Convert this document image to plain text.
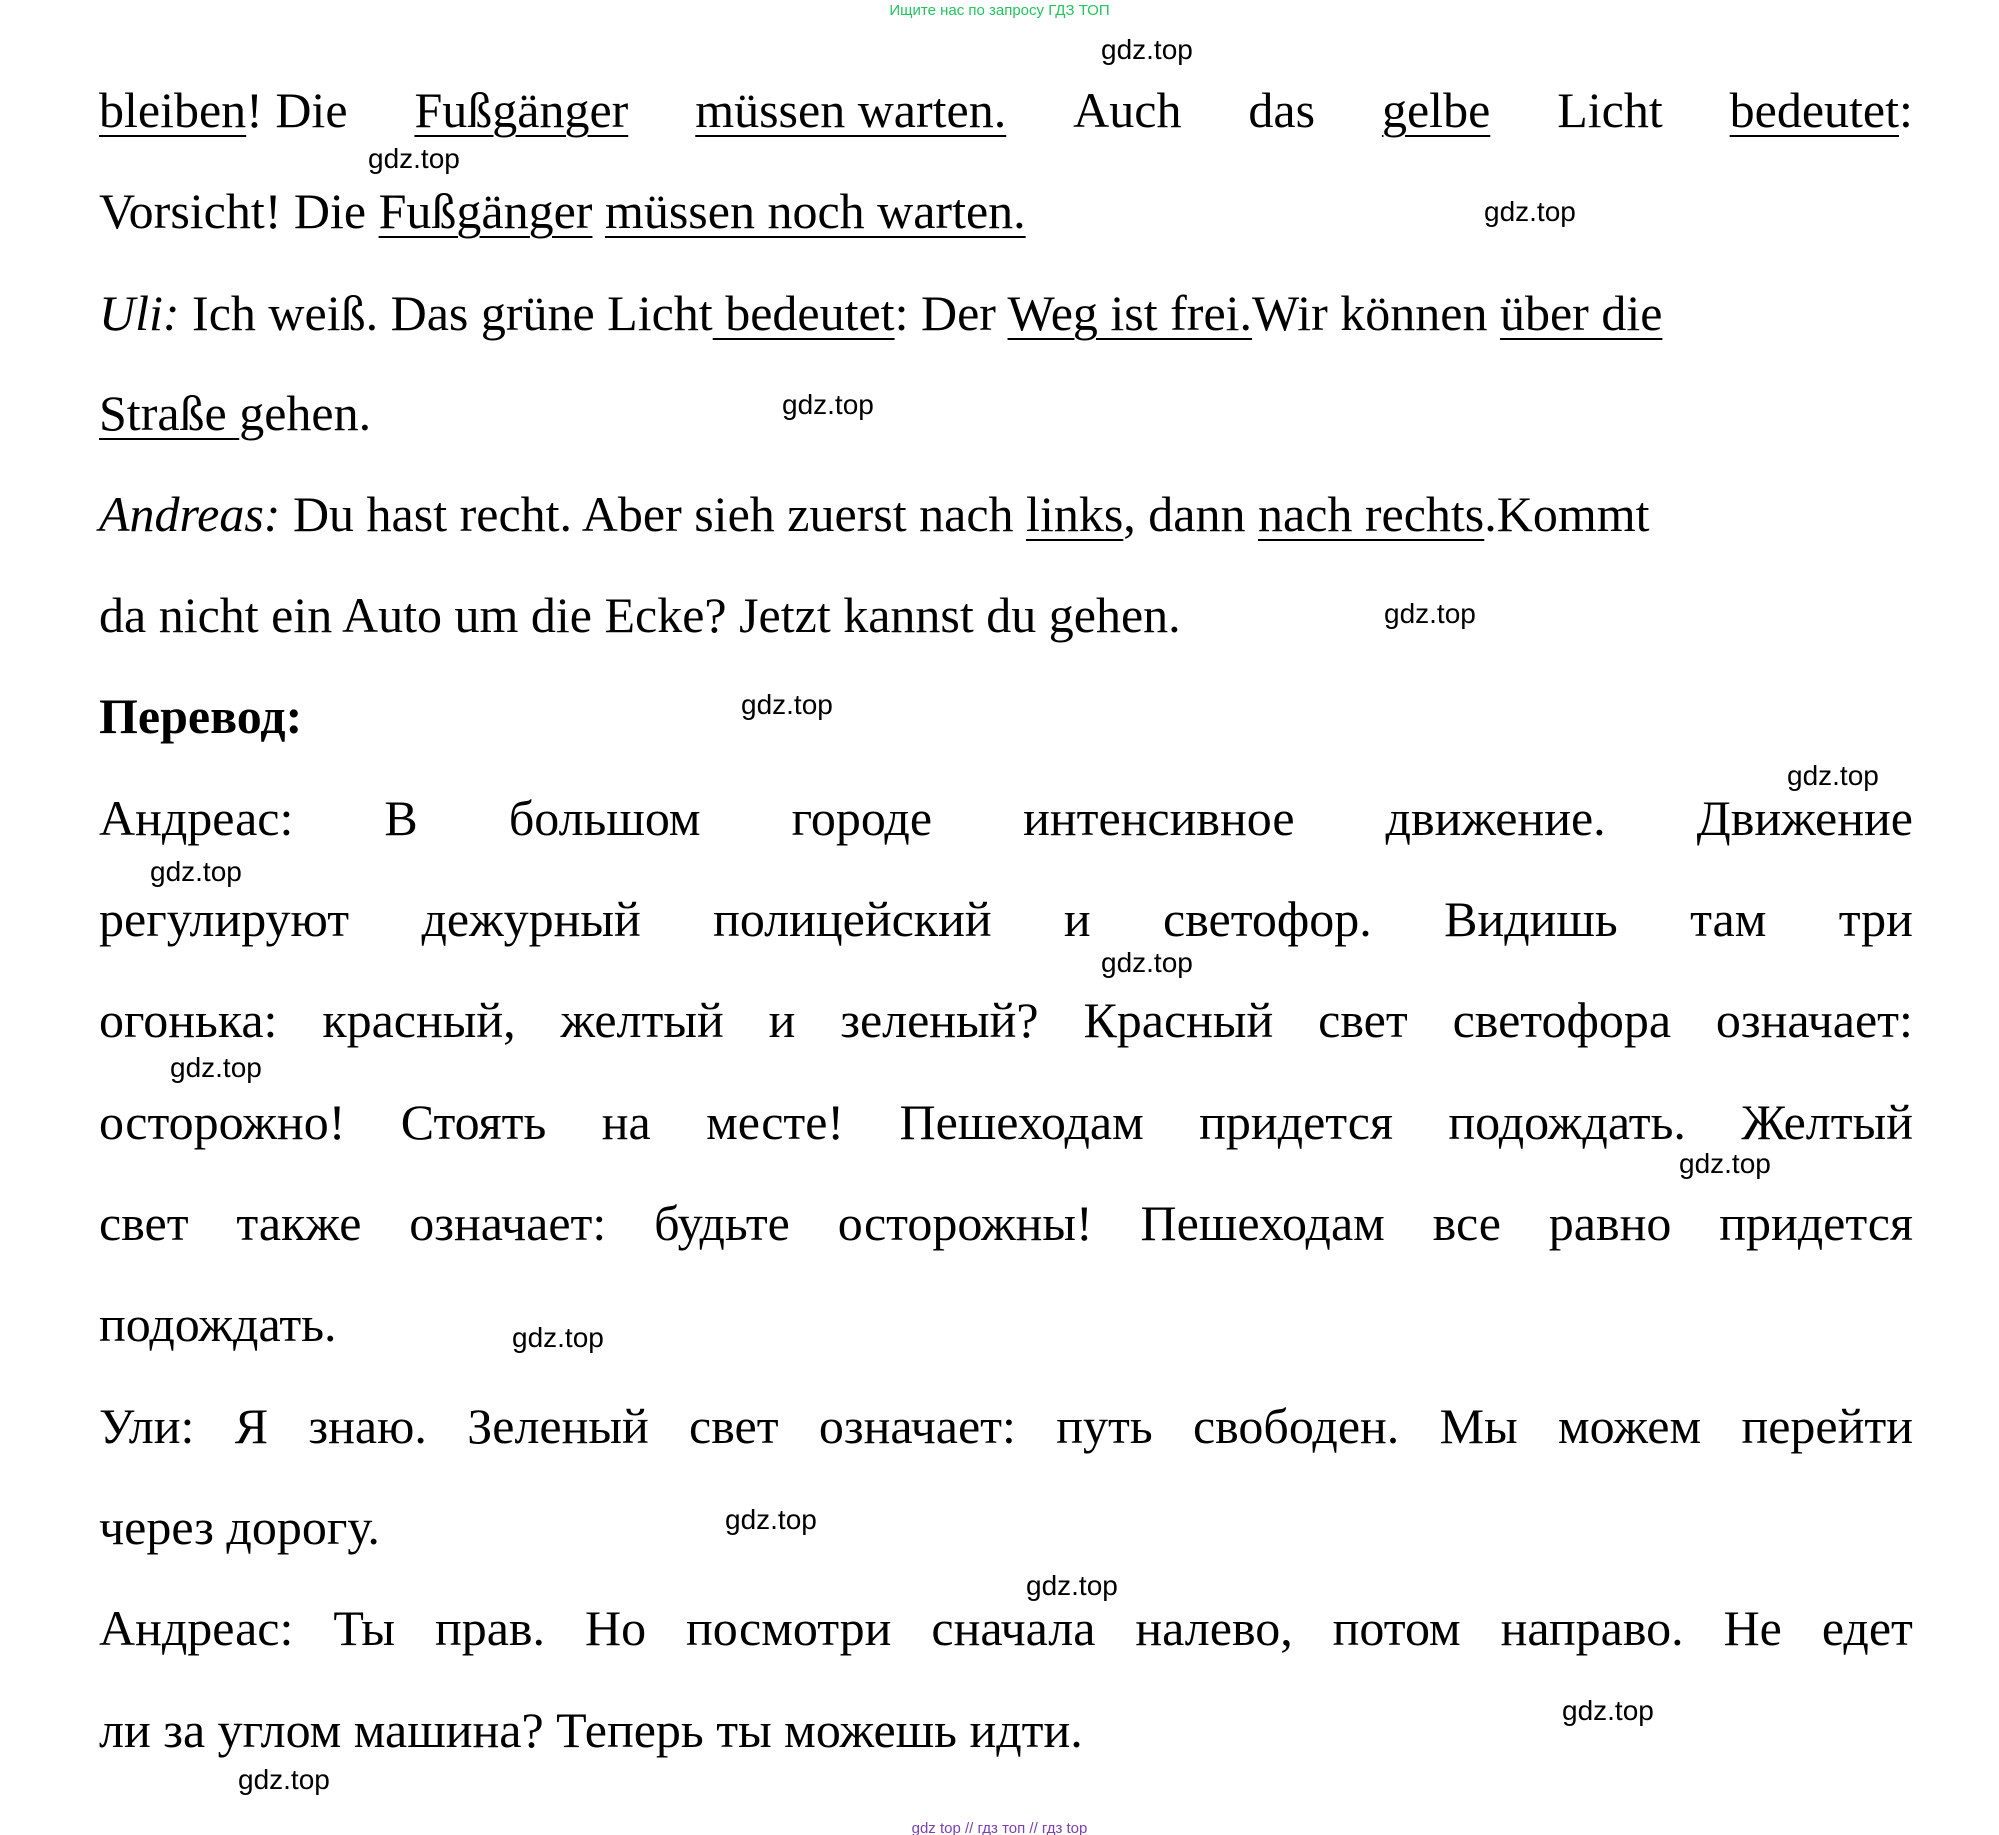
Ищите нас по запросу ГДЗ ТОП
bleiben! Die Fußgänger müssen warten. Auch das gelbe Licht bedeutet:
Vorsicht! Die Fußgänger müssen noch warten.
Uli: Ich weiß. Das grüne Licht bedeutet: Der Weg ist frei.Wir können über die
Straße gehen.
Andreas: Du hast recht. Aber sieh zuerst nach links, dann nach rechts.Kommt
da nicht ein Auto um die Ecke? Jetzt kannst du gehen.
Перевод:
Андреас: В большом городе интенсивное движение. Движение
регулируют дежурный полицейский и светофор. Видишь там три
огонька: красный, желтый и зеленый? Красный свет светофора означает:
осторожно! Стоять на месте! Пешеходам придется подождать. Желтый
свет также означает: будьте осторожны! Пешеходам все равно придется
подождать.
Ули: Я знаю. Зеленый свет означает: путь свободен. Мы можем перейти
через дорогу.
Андреас: Ты прав. Но посмотри сначала налево, потом направо. Не едет
ли за углом машина? Теперь ты можешь идти.
gdz.top
gdz.top
gdz.top
gdz.top
gdz.top
gdz.top
gdz.top
gdz.top
gdz.top
gdz.top
gdz.top
gdz.top
gdz.top
gdz.top
gdz.top
gdz.top
gdz top // гдз топ // гдз top
